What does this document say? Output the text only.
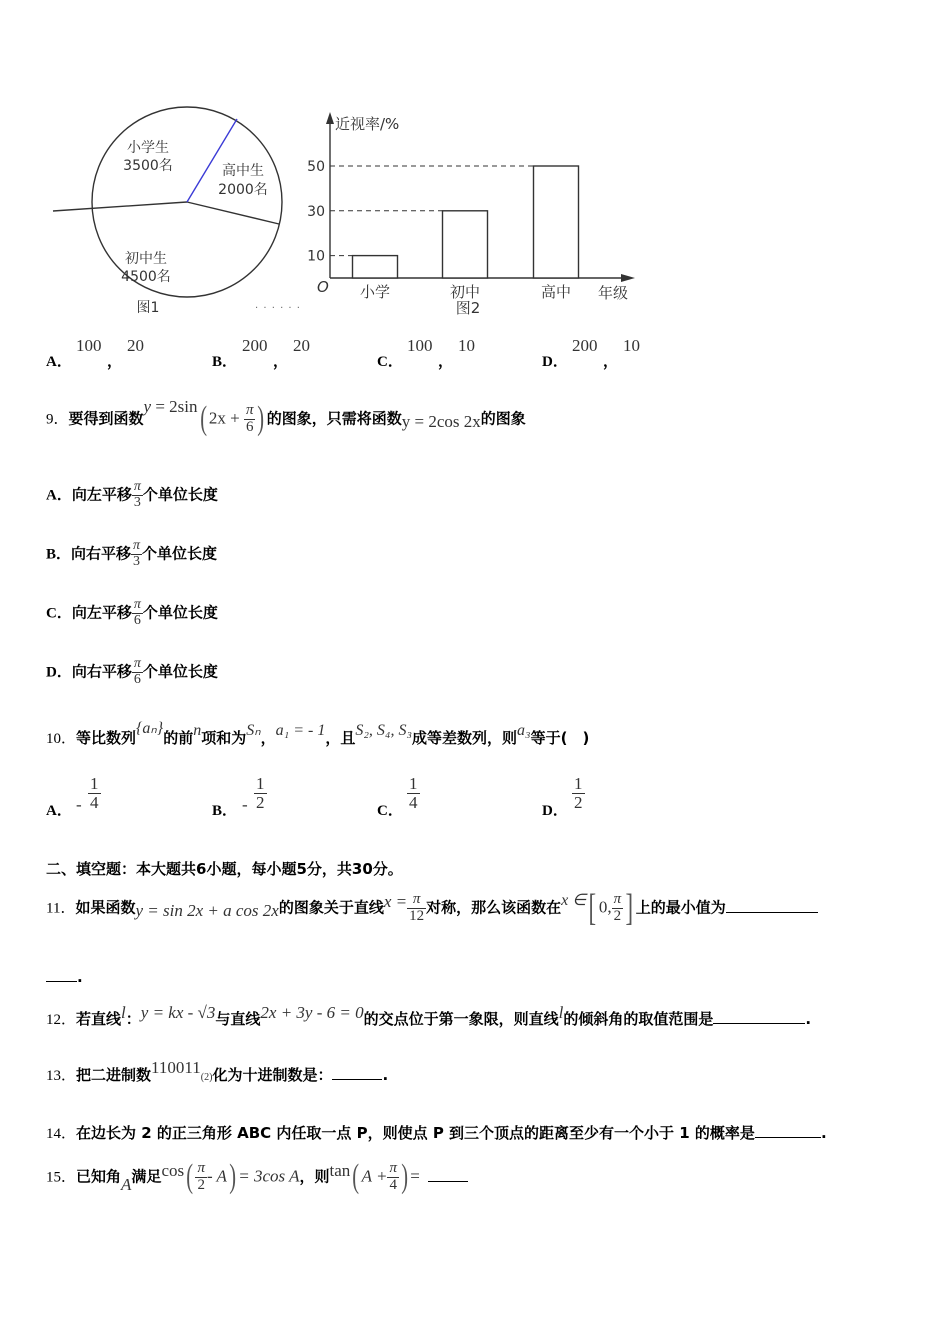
小学生
3500名	高中生
2000名
初中生
4500名
图1	· · · · · ·
近视率/%
年级
O
图2
小学
10
初中
30
高中
50
A．
100
，
20
B．
200
，
20
C．
100
，
10
D．
200
，
10
9．要得到函数y = 2sin( $2x + \frac{\pi}{6}$ ) 的图象，只需将函数y = 2cos 2x的图象
A．向左平移 $\frac{\pi}{3}$ 个单位长度
B．向右平移 $\frac{\pi}{3}$ 个单位长度
C．向左平移 $\frac{\pi}{6}$ 个单位长度
D．向右平移 $\frac{\pi}{6}$ 个单位长度
10．等比数列{aₙ}的前n项和为Sₙ，a₁ = - 1，且S₂, S₄, S₃成等差数列，则a₃等于(　)
A． - $\frac{1}{4}$	B． - $\frac{1}{2}$	C． $\frac{1}{4}$	D． $\frac{1}{2}$
二、填空题：本大题共6小题，每小题5分，共30分。
11．如果函数y = sin 2x + a cos 2x的图象关于直线$x = \frac{\pi}{12}$ 对称，那么该函数在x ∈[ 0, $\frac{\pi}{2}$ ] 上的最小值为
.
12．若直线l：y = kx - √3与直线2x + 3y - 6 = 0的交点位于第一象限，则直线l的倾斜角的取值范围是	.
13．把二进制数110011(2)化为十进制数是：	.
14．在边长为 2 的正三角形 ABC 内任取一点 P，则使点 P 到三个顶点的距离至少有一个小于 1 的概率是	.
15．已知角A满足$\cos( \frac{\pi}{2} - A) = 3\cos$ A，则tan( $A + \frac{\pi}{4}$ ) =
